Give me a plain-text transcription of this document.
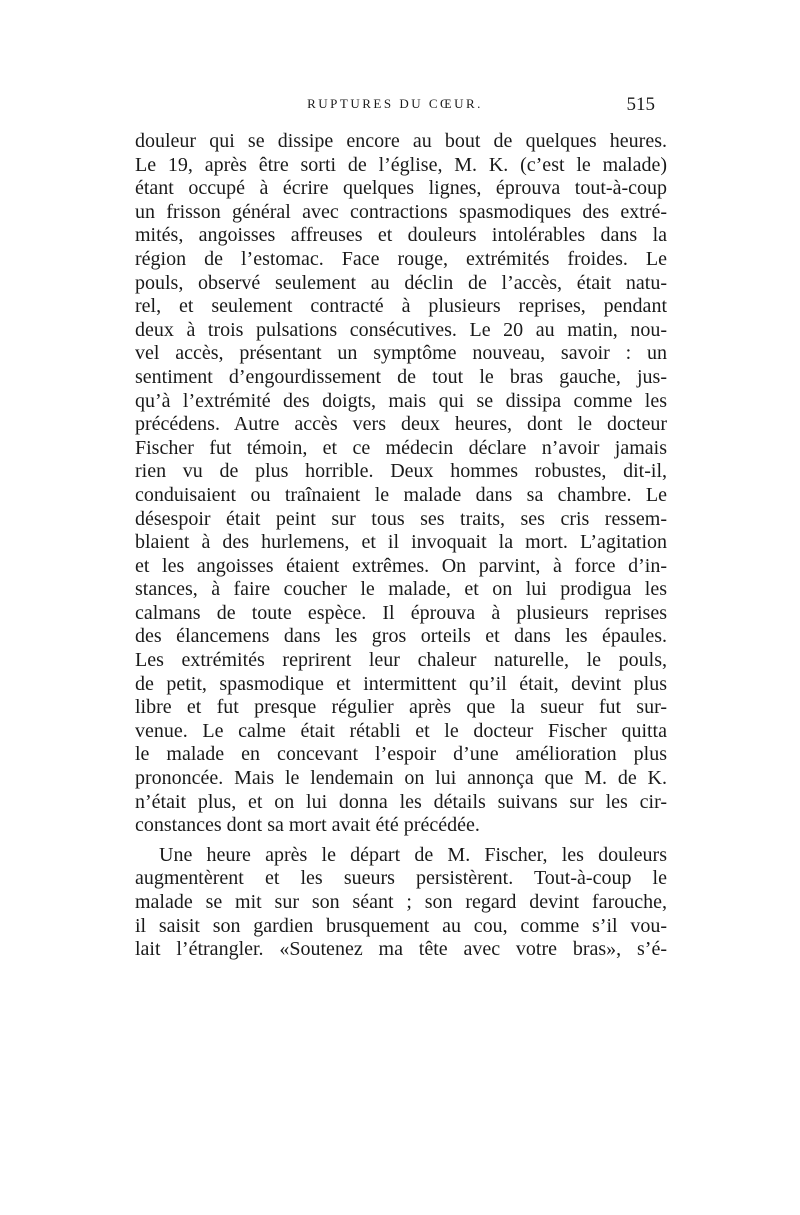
RUPTURES DU CŒUR.	515
douleur qui se dissipe encore au bout de quelques heures.
Le 19, après être sorti de l’église, M. K. (c’est le malade)
étant occupé à écrire quelques lignes, éprouva tout-à-coup
un frisson général avec contractions spasmodiques des extré-
mités, angoisses affreuses et douleurs intolérables dans la
région de l’estomac. Face rouge, extrémités froides. Le
pouls, observé seulement au déclin de l’accès, était natu-
rel, et seulement contracté à plusieurs reprises, pendant
deux à trois pulsations consécutives. Le 20 au matin, nou-
vel accès, présentant un symptôme nouveau, savoir : un
sentiment d’engourdissement de tout le bras gauche, jus-
qu’à l’extrémité des doigts, mais qui se dissipa comme les
précédens. Autre accès vers deux heures, dont le docteur
Fischer fut témoin, et ce médecin déclare n’avoir jamais
rien vu de plus horrible. Deux hommes robustes, dit-il,
conduisaient ou traînaient le malade dans sa chambre. Le
désespoir était peint sur tous ses traits, ses cris ressem-
blaient à des hurlemens, et il invoquait la mort. L’agitation
et les angoisses étaient extrêmes. On parvint, à force d’in-
stances, à faire coucher le malade, et on lui prodigua les
calmans de toute espèce. Il éprouva à plusieurs reprises
des élancemens dans les gros orteils et dans les épaules.
Les extrémités reprirent leur chaleur naturelle, le pouls,
de petit, spasmodique et intermittent qu’il était, devint plus
libre et fut presque régulier après que la sueur fut sur-
venue. Le calme était rétabli et le docteur Fischer quitta
le malade en concevant l’espoir d’une amélioration plus
prononcée. Mais le lendemain on lui annonça que M. de K.
n’était plus, et on lui donna les détails suivans sur les cir-
constances dont sa mort avait été précédée.
Une heure après le départ de M. Fischer, les douleurs
augmentèrent et les sueurs persistèrent. Tout-à-coup le
malade se mit sur son séant ; son regard devint farouche,
il saisit son gardien brusquement au cou, comme s’il vou-
lait l’étrangler. «Soutenez ma tête avec votre bras», s’é-
